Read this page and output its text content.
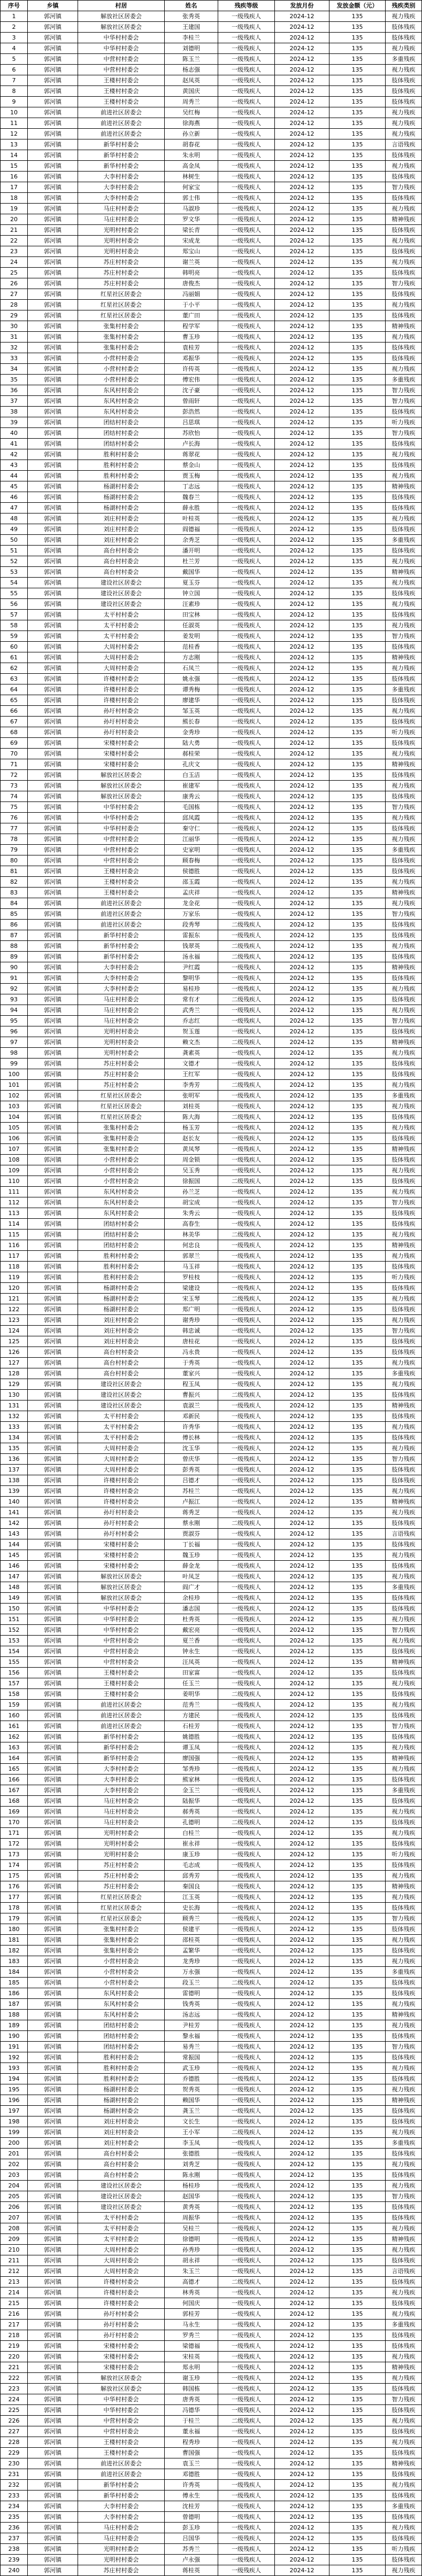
序号	乡镇	村居	姓名	残疾等级	发放月份	发放金额（元）	残疾类别
1	郭河镇	解放社区居委会	张秀英	一级残疾人	2024-12	135	视力残疾
2	郭河镇	解放社区居委会	王建国	一级残疾人	2024-12	135	肢体残疾
3	郭河镇	中华村村委会	李桂兰	一级残疾人	2024-12	135	肢体残疾
4	郭河镇	中华村村委会	刘德明	一级残疾人	2024-12	135	视力残疾
5	郭河镇	中营村村委会	陈玉兰	一级残疾人	2024-12	135	多重残疾
6	郭河镇	中营村村委会	杨志强	一级残疾人	2024-12	135	视力残疾
7	郭河镇	王楼村村委会	赵凤英	一级残疾人	2024-12	135	肢体残疾
8	郭河镇	王楼村村委会	黄国庆	一级残疾人	2024-12	135	肢体残疾
9	郭河镇	王楼村村委会	周秀兰	一级残疾人	2024-12	135	肢体残疾
10	郭河镇	前进社区居委会	吴红梅	一级残疾人	2024-12	135	视力残疾
11	郭河镇	前进社区居委会	徐海燕	一级残疾人	2024-12	135	视力残疾
12	郭河镇	前进社区居委会	孙立新	一级残疾人	2024-12	135	视力残疾
13	郭河镇	新华村村委会	胡春花	一级残疾人	2024-12	135	言语残疾
14	郭河镇	新华村村委会	朱永明	一级残疾人	2024-12	135	肢体残疾
15	郭河镇	新华村村委会	高金凤	一级残疾人	2024-12	135	视力残疾
16	郭河镇	大李村村委会	林树生	一级残疾人	2024-12	135	肢体残疾
17	郭河镇	大李村村委会	何家宝	一级残疾人	2024-12	135	智力残疾
18	郭河镇	大李村村委会	郭士伟	一级残疾人	2024-12	135	肢体残疾
19	郭河镇	马庄村村委会	马淑珍	一级残疾人	2024-12	135	视力残疾
20	郭河镇	马庄村村委会	罗文华	一级残疾人	2024-12	135	精神残疾
21	郭河镇	光明村村委会	梁长青	一级残疾人	2024-12	135	肢体残疾
22	郭河镇	光明村村委会	宋成龙	一级残疾人	2024-12	135	视力残疾
23	郭河镇	光明村村委会	郑宝山	一级残疾人	2024-12	135	肢体残疾
24	郭河镇	苏庄村村委会	谢兰英	一级残疾人	2024-12	135	视力残疾
25	郭河镇	苏庄村村委会	韩明亮	一级残疾人	2024-12	135	肢体残疾
26	郭河镇	苏庄村村委会	唐俊杰	一级残疾人	2024-12	135	智力残疾
27	郭河镇	红星社区居委会	冯丽娟	一级残疾人	2024-12	135	肢体残疾
28	郭河镇	红星社区居委会	于小平	一级残疾人	2024-12	135	视力残疾
29	郭河镇	红星社区居委会	董广田	一级残疾人	2024-12	135	肢体残疾
30	郭河镇	张集村村委会	程学军	一级残疾人	2024-12	135	精神残疾
31	郭河镇	张集村村委会	曹玉珍	一级残疾人	2024-12	135	视力残疾
32	郭河镇	张集村村委会	袁桂芳	一级残疾人	2024-12	135	肢体残疾
33	郭河镇	小营村村委会	邓振华	一级残疾人	2024-12	135	肢体残疾
34	郭河镇	小营村村委会	许传英	一级残疾人	2024-12	135	视力残疾
35	郭河镇	小营村村委会	傅宏伟	一级残疾人	2024-12	135	多重残疾
36	郭河镇	东风村村委会	沈子豪	一级残疾人	2024-12	135	智力残疾
37	郭河镇	东风村村委会	曾雨轩	一级残疾人	2024-12	135	智力残疾
38	郭河镇	东风村村委会	彭浩然	一级残疾人	2024-12	135	肢体残疾
39	郭河镇	团结村村委会	吕思琪	一级残疾人	2024-12	135	听力残疾
40	郭河镇	团结村村委会	苏欣怡	一级残疾人	2024-12	135	智力残疾
41	郭河镇	团结村村委会	卢长海	一级残疾人	2024-12	135	肢体残疾
42	郭河镇	胜利村村委会	蒋翠花	一级残疾人	2024-12	135	视力残疾
43	郭河镇	胜利村村委会	蔡金山	一级残疾人	2024-12	135	肢体残疾
44	郭河镇	胜利村村委会	贾玉梅	一级残疾人	2024-12	135	视力残疾
45	郭河镇	杨湖村村委会	丁志远	一级残疾人	2024-12	135	精神残疾
46	郭河镇	杨湖村村委会	魏春兰	一级残疾人	2024-12	135	肢体残疾
47	郭河镇	杨湖村村委会	薛永胜	一级残疾人	2024-12	135	肢体残疾
48	郭河镇	刘庄村村委会	叶桂英	一级残疾人	2024-12	135	视力残疾
49	郭河镇	刘庄村村委会	阎德福	一级残疾人	2024-12	135	肢体残疾
50	郭河镇	刘庄村村委会	余秀芝	一级残疾人	2024-12	135	多重残疾
51	郭河镇	高台村村委会	潘开明	一级残疾人	2024-12	135	肢体残疾
52	郭河镇	高台村村委会	杜兰芳	一级残疾人	2024-12	135	视力残疾
53	郭河镇	高台村村委会	戴国华	一级残疾人	2024-12	135	精神残疾
54	郭河镇	建设社区居委会	夏玉芬	一级残疾人	2024-12	135	视力残疾
55	郭河镇	建设社区居委会	钟立国	一级残疾人	2024-12	135	肢体残疾
56	郭河镇	建设社区居委会	汪素珍	一级残疾人	2024-12	135	视力残疾
57	郭河镇	太平村村委会	田宝林	一级残疾人	2024-12	135	肢体残疾
58	郭河镇	太平村村委会	任淑英	一级残疾人	2024-12	135	视力残疾
59	郭河镇	太平村村委会	姜发明	一级残疾人	2024-12	135	智力残疾
60	郭河镇	大周村村委会	范桂香	一级残疾人	2024-12	135	肢体残疾
61	郭河镇	大周村村委会	方志刚	一级残疾人	2024-12	135	精神残疾
62	郭河镇	大周村村委会	石凤兰	一级残疾人	2024-12	135	视力残疾
63	郭河镇	许楼村村委会	姚永强	一级残疾人	2024-12	135	肢体残疾
64	郭河镇	许楼村村委会	谭秀梅	一级残疾人	2024-12	135	多重残疾
65	郭河镇	许楼村村委会	廖建华	一级残疾人	2024-12	135	肢体残疾
66	郭河镇	孙圩村村委会	邹玉英	一级残疾人	2024-12	135	视力残疾
67	郭河镇	孙圩村村委会	熊长春	一级残疾人	2024-12	135	肢体残疾
68	郭河镇	孙圩村村委会	金秀珍	一级残疾人	2024-12	135	听力残疾
69	郭河镇	宋楼村村委会	陆大勇	一级残疾人	2024-12	135	肢体残疾
70	郭河镇	宋楼村村委会	郝桂荣	一级残疾人	2024-12	135	视力残疾
71	郭河镇	宋楼村村委会	孔庆文	一级残疾人	2024-12	135	精神残疾
72	郭河镇	解放社区居委会	白玉洁	一级残疾人	2024-12	135	肢体残疾
73	郭河镇	解放社区居委会	崔建军	一级残疾人	2024-12	135	视力残疾
74	郭河镇	解放社区居委会	康秀云	一级残疾人	2024-12	135	肢体残疾
75	郭河镇	中华村村委会	毛国栋	一级残疾人	2024-12	135	智力残疾
76	郭河镇	中华村村委会	邱凤霞	一级残疾人	2024-12	135	视力残疾
77	郭河镇	中华村村委会	秦守仁	一级残疾人	2024-12	135	肢体残疾
78	郭河镇	中营村村委会	江丽华	一级残疾人	2024-12	135	视力残疾
79	郭河镇	中营村村委会	史家明	一级残疾人	2024-12	135	多重残疾
80	郭河镇	中营村村委会	顾春梅	一级残疾人	2024-12	135	肢体残疾
81	郭河镇	王楼村村委会	侯德胜	一级残疾人	2024-12	135	肢体残疾
82	郭河镇	王楼村村委会	邵玉霞	一级残疾人	2024-12	135	视力残疾
83	郭河镇	王楼村村委会	孟庆祥	一级残疾人	2024-12	135	精神残疾
84	郭河镇	前进社区居委会	龙金花	一级残疾人	2024-12	135	视力残疾
85	郭河镇	前进社区居委会	万家乐	一级残疾人	2024-12	135	智力残疾
86	郭河镇	前进社区居委会	段秀琴	二级残疾人	2024-12	135	肢体残疾
87	郭河镇	新华村村委会	雷振东	一级残疾人	2024-12	135	肢体残疾
88	郭河镇	新华村村委会	钱翠英	二级残疾人	2024-12	135	视力残疾
89	郭河镇	新华村村委会	汤永福	二级残疾人	2024-12	135	肢体残疾
90	郭河镇	大李村村委会	尹红霞	一级残疾人	2024-12	135	精神残疾
91	郭河镇	大李村村委会	黎明华	一级残疾人	2024-12	135	肢体残疾
92	郭河镇	大李村村委会	易桂珍	一级残疾人	2024-12	135	视力残疾
93	郭河镇	马庄村村委会	常有才	二级残疾人	2024-12	135	肢体残疾
94	郭河镇	马庄村村委会	武秀兰	一级残疾人	2024-12	135	视力残疾
95	郭河镇	马庄村村委会	乔志红	一级残疾人	2024-12	135	智力残疾
96	郭河镇	光明村村委会	贺玉莲	一级残疾人	2024-12	135	肢体残疾
97	郭河镇	光明村村委会	赖文杰	二级残疾人	2024-12	135	精神残疾
98	郭河镇	光明村村委会	龚素英	一级残疾人	2024-12	135	视力残疾
99	郭河镇	苏庄村村委会	文德才	一级残疾人	2024-12	135	肢体残疾
100	郭河镇	苏庄村村委会	王红军	一级残疾人	2024-12	135	肢体残疾
101	郭河镇	苏庄村村委会	李秀芳	二级残疾人	2024-12	135	视力残疾
102	郭河镇	红星社区居委会	张明军	一级残疾人	2024-12	135	多重残疾
103	郭河镇	红星社区居委会	刘桂英	一级残疾人	2024-12	135	视力残疾
104	郭河镇	红星社区居委会	陈大海	二级残疾人	2024-12	135	肢体残疾
105	郭河镇	张集村村委会	杨玉芳	一级残疾人	2024-12	135	视力残疾
106	郭河镇	张集村村委会	赵长友	一级残疾人	2024-12	135	肢体残疾
107	郭河镇	张集村村委会	黄凤琴	一级残疾人	2024-12	135	精神残疾
108	郭河镇	小营村村委会	周金锁	一级残疾人	2024-12	135	肢体残疾
109	郭河镇	小营村村委会	吴玉秀	一级残疾人	2024-12	135	视力残疾
110	郭河镇	小营村村委会	徐振国	二级残疾人	2024-12	135	肢体残疾
111	郭河镇	东风村村委会	孙兰芝	一级残疾人	2024-12	135	视力残疾
112	郭河镇	东风村村委会	胡宝成	一级残疾人	2024-12	135	智力残疾
113	郭河镇	东风村村委会	朱秀云	一级残疾人	2024-12	135	肢体残疾
114	郭河镇	团结村村委会	高春生	一级残疾人	2024-12	135	肢体残疾
115	郭河镇	团结村村委会	林美华	二级残疾人	2024-12	135	视力残疾
116	郭河镇	团结村村委会	何忠良	一级残疾人	2024-12	135	精神残疾
117	郭河镇	胜利村村委会	郭翠兰	一级残疾人	2024-12	135	视力残疾
118	郭河镇	胜利村村委会	马玉祥	一级残疾人	2024-12	135	肢体残疾
119	郭河镇	胜利村村委会	罗桂枝	一级残疾人	2024-12	135	听力残疾
120	郭河镇	杨湖村村委会	梁建设	一级残疾人	2024-12	135	肢体残疾
121	郭河镇	杨湖村村委会	宋玉琴	二级残疾人	2024-12	135	视力残疾
122	郭河镇	杨湖村村委会	郑广明	一级残疾人	2024-12	135	肢体残疾
123	郭河镇	刘庄村村委会	谢秀珍	一级残疾人	2024-12	135	视力残疾
124	郭河镇	刘庄村村委会	韩忠诚	一级残疾人	2024-12	135	智力残疾
125	郭河镇	刘庄村村委会	唐桂花	一级残疾人	2024-12	135	肢体残疾
126	郭河镇	高台村村委会	冯永贵	一级残疾人	2024-12	135	肢体残疾
127	郭河镇	高台村村委会	于秀英	一级残疾人	2024-12	135	视力残疾
128	郭河镇	高台村村委会	董家兴	一级残疾人	2024-12	135	多重残疾
129	郭河镇	建设社区居委会	程玉凤	一级残疾人	2024-12	135	视力残疾
130	郭河镇	建设社区居委会	曹振兴	二级残疾人	2024-12	135	肢体残疾
131	郭河镇	建设社区居委会	袁淑兰	一级残疾人	2024-12	135	精神残疾
132	郭河镇	太平村村委会	邓新民	一级残疾人	2024-12	135	肢体残疾
133	郭河镇	太平村村委会	许秀华	一级残疾人	2024-12	135	视力残疾
134	郭河镇	太平村村委会	傅长林	一级残疾人	2024-12	135	肢体残疾
135	郭河镇	大周村村委会	沈玉华	一级残疾人	2024-12	135	视力残疾
136	郭河镇	大周村村委会	曾庆华	一级残疾人	2024-12	135	智力残疾
137	郭河镇	大周村村委会	彭秀英	一级残疾人	2024-12	135	肢体残疾
138	郭河镇	许楼村村委会	吕德才	一级残疾人	2024-12	135	肢体残疾
139	郭河镇	许楼村村委会	苏桂兰	一级残疾人	2024-12	135	视力残疾
140	郭河镇	许楼村村委会	卢振江	一级残疾人	2024-12	135	精神残疾
141	郭河镇	孙圩村村委会	蒋秀芝	一级残疾人	2024-12	135	视力残疾
142	郭河镇	孙圩村村委会	蔡永刚	二级残疾人	2024-12	135	肢体残疾
143	郭河镇	孙圩村村委会	贾淑芬	一级残疾人	2024-12	135	言语残疾
144	郭河镇	宋楼村村委会	丁长福	一级残疾人	2024-12	135	肢体残疾
145	郭河镇	宋楼村村委会	魏玉珍	一级残疾人	2024-12	135	视力残疾
146	郭河镇	宋楼村村委会	薛金龙	一级残疾人	2024-12	135	肢体残疾
147	郭河镇	解放社区居委会	叶凤芝	一级残疾人	2024-12	135	视力残疾
148	郭河镇	解放社区居委会	阎广才	一级残疾人	2024-12	135	多重残疾
149	郭河镇	解放社区居委会	余桂珍	一级残疾人	2024-12	135	肢体残疾
150	郭河镇	中华村村委会	潘志国	一级残疾人	2024-12	135	肢体残疾
151	郭河镇	中华村村委会	杜秀英	一级残疾人	2024-12	135	视力残疾
152	郭河镇	中华村村委会	戴宏亮	一级残疾人	2024-12	135	智力残疾
153	郭河镇	中营村村委会	夏兰香	一级残疾人	2024-12	135	视力残疾
154	郭河镇	中营村村委会	钟永生	一级残疾人	2024-12	135	肢体残疾
155	郭河镇	中营村村委会	汪凤英	一级残疾人	2024-12	135	精神残疾
156	郭河镇	王楼村村委会	田家富	一级残疾人	2024-12	135	肢体残疾
157	郭河镇	王楼村村委会	任玉兰	一级残疾人	2024-12	135	视力残疾
158	郭河镇	王楼村村委会	姜明华	二级残疾人	2024-12	135	肢体残疾
159	郭河镇	前进社区居委会	范秀兰	一级残疾人	2024-12	135	视力残疾
160	郭河镇	前进社区居委会	方建民	一级残疾人	2024-12	135	肢体残疾
161	郭河镇	前进社区居委会	石桂芳	一级残疾人	2024-12	135	智力残疾
162	郭河镇	新华村村委会	姚德胜	一级残疾人	2024-12	135	肢体残疾
163	郭河镇	新华村村委会	谭玉凤	一级残疾人	2024-12	135	视力残疾
164	郭河镇	新华村村委会	廖国强	一级残疾人	2024-12	135	精神残疾
165	郭河镇	大李村村委会	邹秀珍	一级残疾人	2024-12	135	视力残疾
166	郭河镇	大李村村委会	熊家林	一级残疾人	2024-12	135	肢体残疾
167	郭河镇	大李村村委会	金玉兰	一级残疾人	2024-12	135	多重残疾
168	郭河镇	马庄村村委会	陆振华	一级残疾人	2024-12	135	肢体残疾
169	郭河镇	马庄村村委会	郝秀英	一级残疾人	2024-12	135	视力残疾
170	郭河镇	马庄村村委会	孔德明	二级残疾人	2024-12	135	肢体残疾
171	郭河镇	光明村村委会	白桂兰	一级残疾人	2024-12	135	视力残疾
172	郭河镇	光明村村委会	崔永祥	一级残疾人	2024-12	135	肢体残疾
173	郭河镇	光明村村委会	康玉珍	一级残疾人	2024-12	135	听力残疾
174	郭河镇	苏庄村村委会	毛志成	一级残疾人	2024-12	135	肢体残疾
175	郭河镇	苏庄村村委会	邱秀芳	一级残疾人	2024-12	135	视力残疾
176	郭河镇	苏庄村村委会	秦国良	一级残疾人	2024-12	135	精神残疾
177	郭河镇	红星社区居委会	江玉英	一级残疾人	2024-12	135	视力残疾
178	郭河镇	红星社区居委会	史长海	一级残疾人	2024-12	135	肢体残疾
179	郭河镇	红星社区居委会	顾秀兰	一级残疾人	2024-12	135	智力残疾
180	郭河镇	张集村村委会	侯建平	一级残疾人	2024-12	135	肢体残疾
181	郭河镇	张集村村委会	邵桂英	一级残疾人	2024-12	135	视力残疾
182	郭河镇	张集村村委会	孟繁华	一级残疾人	2024-12	135	肢体残疾
183	郭河镇	小营村村委会	龙秀珍	一级残疾人	2024-12	135	视力残疾
184	郭河镇	小营村村委会	万永强	一级残疾人	2024-12	135	多重残疾
185	郭河镇	小营村村委会	段玉兰	二级残疾人	2024-12	135	肢体残疾
186	郭河镇	东风村村委会	雷德明	一级残疾人	2024-12	135	肢体残疾
187	郭河镇	东风村村委会	钱秀英	一级残疾人	2024-12	135	视力残疾
188	郭河镇	东风村村委会	汤志远	一级残疾人	2024-12	135	精神残疾
189	郭河镇	团结村村委会	尹桂芳	一级残疾人	2024-12	135	视力残疾
190	郭河镇	团结村村委会	黎永福	一级残疾人	2024-12	135	肢体残疾
191	郭河镇	团结村村委会	易秀兰	一级残疾人	2024-12	135	智力残疾
192	郭河镇	胜利村村委会	常振国	一级残疾人	2024-12	135	肢体残疾
193	郭河镇	胜利村村委会	武玉珍	一级残疾人	2024-12	135	视力残疾
194	郭河镇	胜利村村委会	乔德胜	一级残疾人	2024-12	135	肢体残疾
195	郭河镇	杨湖村村委会	贺秀英	一级残疾人	2024-12	135	视力残疾
196	郭河镇	杨湖村村委会	赖国华	一级残疾人	2024-12	135	精神残疾
197	郭河镇	杨湖村村委会	龚玉兰	一级残疾人	2024-12	135	肢体残疾
198	郭河镇	刘庄村村委会	文长生	一级残疾人	2024-12	135	肢体残疾
199	郭河镇	刘庄村村委会	王小军	二级残疾人	2024-12	135	视力残疾
200	郭河镇	刘庄村村委会	李玉凤	一级残疾人	2024-12	135	多重残疾
201	郭河镇	高台村村委会	张德胜	一级残疾人	2024-12	135	肢体残疾
202	郭河镇	高台村村委会	刘秀芝	一级残疾人	2024-12	135	视力残疾
203	郭河镇	高台村村委会	陈永刚	一级残疾人	2024-12	135	肢体残疾
204	郭河镇	建设社区居委会	杨桂珍	一级残疾人	2024-12	135	视力残疾
205	郭河镇	建设社区居委会	赵国华	一级残疾人	2024-12	135	智力残疾
206	郭河镇	建设社区居委会	黄秀英	一级残疾人	2024-12	135	肢体残疾
207	郭河镇	太平村村委会	周振华	一级残疾人	2024-12	135	肢体残疾
208	郭河镇	太平村村委会	吴桂兰	一级残疾人	2024-12	135	视力残疾
209	郭河镇	太平村村委会	徐德明	一级残疾人	2024-12	135	精神残疾
210	郭河镇	大周村村委会	孙秀珍	一级残疾人	2024-12	135	视力残疾
211	郭河镇	大周村村委会	胡永祥	一级残疾人	2024-12	135	肢体残疾
212	郭河镇	大周村村委会	朱玉兰	一级残疾人	2024-12	135	言语残疾
213	郭河镇	许楼村村委会	高德才	二级残疾人	2024-12	135	肢体残疾
214	郭河镇	许楼村村委会	林秀英	一级残疾人	2024-12	135	视力残疾
215	郭河镇	许楼村村委会	何国庆	一级残疾人	2024-12	135	肢体残疾
216	郭河镇	孙圩村村委会	郭桂芳	一级残疾人	2024-12	135	视力残疾
217	郭河镇	孙圩村村委会	马永生	一级残疾人	2024-12	135	多重残疾
218	郭河镇	孙圩村村委会	罗秀兰	一级残疾人	2024-12	135	肢体残疾
219	郭河镇	宋楼村村委会	梁德福	一级残疾人	2024-12	135	肢体残疾
220	郭河镇	宋楼村村委会	宋桂英	一级残疾人	2024-12	135	视力残疾
221	郭河镇	宋楼村村委会	郑永明	一级残疾人	2024-12	135	精神残疾
222	郭河镇	解放社区居委会	谢玉珍	一级残疾人	2024-12	135	视力残疾
223	郭河镇	解放社区居委会	韩国栋	一级残疾人	2024-12	135	肢体残疾
224	郭河镇	中华村村委会	唐秀英	一级残疾人	2024-12	135	智力残疾
225	郭河镇	中华村村委会	冯德华	一级残疾人	2024-12	135	肢体残疾
226	郭河镇	中营村村委会	于桂兰	二级残疾人	2024-12	135	视力残疾
227	郭河镇	中营村村委会	董永福	一级残疾人	2024-12	135	肢体残疾
228	郭河镇	王楼村村委会	程秀珍	一级残疾人	2024-12	135	视力残疾
229	郭河镇	王楼村村委会	曹国强	一级残疾人	2024-12	135	肢体残疾
230	郭河镇	前进社区居委会	袁玉兰	一级残疾人	2024-12	135	精神残疾
231	郭河镇	前进社区居委会	邓德胜	一级残疾人	2024-12	135	肢体残疾
232	郭河镇	新华村村委会	许秀英	一级残疾人	2024-12	135	视力残疾
233	郭河镇	新华村村委会	傅永生	一级残疾人	2024-12	135	肢体残疾
234	郭河镇	大李村村委会	沈桂芳	一级残疾人	2024-12	135	多重残疾
235	郭河镇	大李村村委会	曾德明	一级残疾人	2024-12	135	肢体残疾
236	郭河镇	马庄村村委会	彭玉珍	一级残疾人	2024-12	135	视力残疾
237	郭河镇	马庄村村委会	吕国华	一级残疾人	2024-12	135	肢体残疾
238	郭河镇	光明村村委会	苏秀兰	一级残疾人	2024-12	135	听力残疾
239	郭河镇	光明村村委会	卢永强	一级残疾人	2024-12	135	肢体残疾
240	郭河镇	苏庄村村委会	蒋桂英	一级残疾人	2024-12	135	视力残疾
